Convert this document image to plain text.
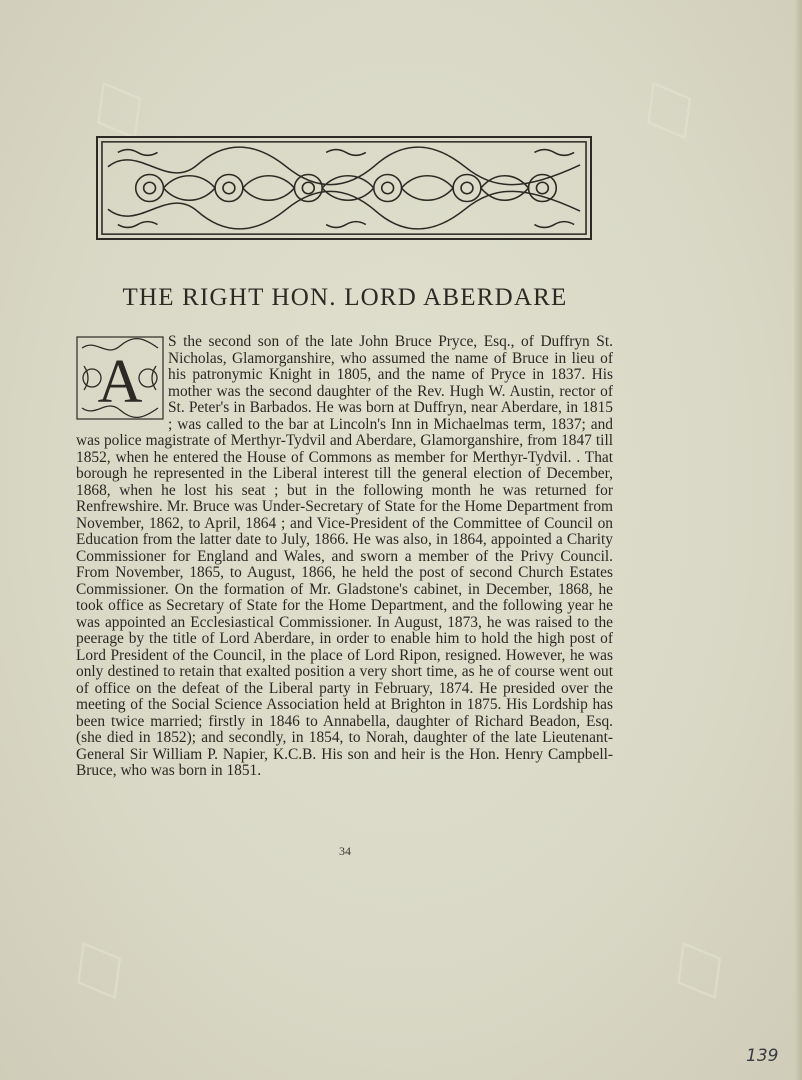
♢	♢
♢	♢
THE RIGHT HON. LORD ABERDARE
A
S the second son of the late John Bruce Pryce, Esq., of Duffryn St. Nicholas, Glamorganshire, who assumed the name of Bruce in lieu of his patronymic Knight in 1805, and the name of Pryce in 1837. His mother was the second daughter of the Rev. Hugh W. Austin, rector of St. Peter's in Barbados. He was born at Duffryn, near Aberdare, in 1815 ; was called to the bar at Lincoln's Inn in Michaelmas term, 1837; and was police magistrate of Merthyr-Tydvil and Aberdare, Glamorganshire, from 1847 till 1852, when he entered the House of Commons as member for Merthyr-Tydvil. . That borough he represented in the Liberal interest till the general election of December, 1868, when he lost his seat ; but in the following month he was returned for Renfrewshire. Mr. Bruce was Under-Secretary of State for the Home Department from November, 1862, to April, 1864 ; and Vice-President of the Committee of Council on Education from the latter date to July, 1866. He was also, in 1864, appointed a Charity Commissioner for England and Wales, and sworn a member of the Privy Council. From November, 1865, to August, 1866, he held the post of second Church Estates Commissioner. On the formation of Mr. Gladstone's cabinet, in December, 1868, he took office as Secretary of State for the Home Department, and the following year he was appointed an Ecclesiastical Commissioner. In August, 1873, he was raised to the peerage by the title of Lord Aberdare, in order to enable him to hold the high post of Lord President of the Council, in the place of Lord Ripon, resigned. However, he was only destined to retain that exalted position a very short time, as he of course went out of office on the defeat of the Liberal party in February, 1874. He presided over the meeting of the Social Science Association held at Brighton in 1875. His Lordship has been twice married; firstly in 1846 to Annabella, daughter of Richard Beadon, Esq. (she died in 1852); and secondly, in 1854, to Norah, daughter of the late Lieutenant-General Sir William P. Napier, K.C.B. His son and heir is the Hon. Henry Campbell-Bruce, who was born in 1851.
34
139
